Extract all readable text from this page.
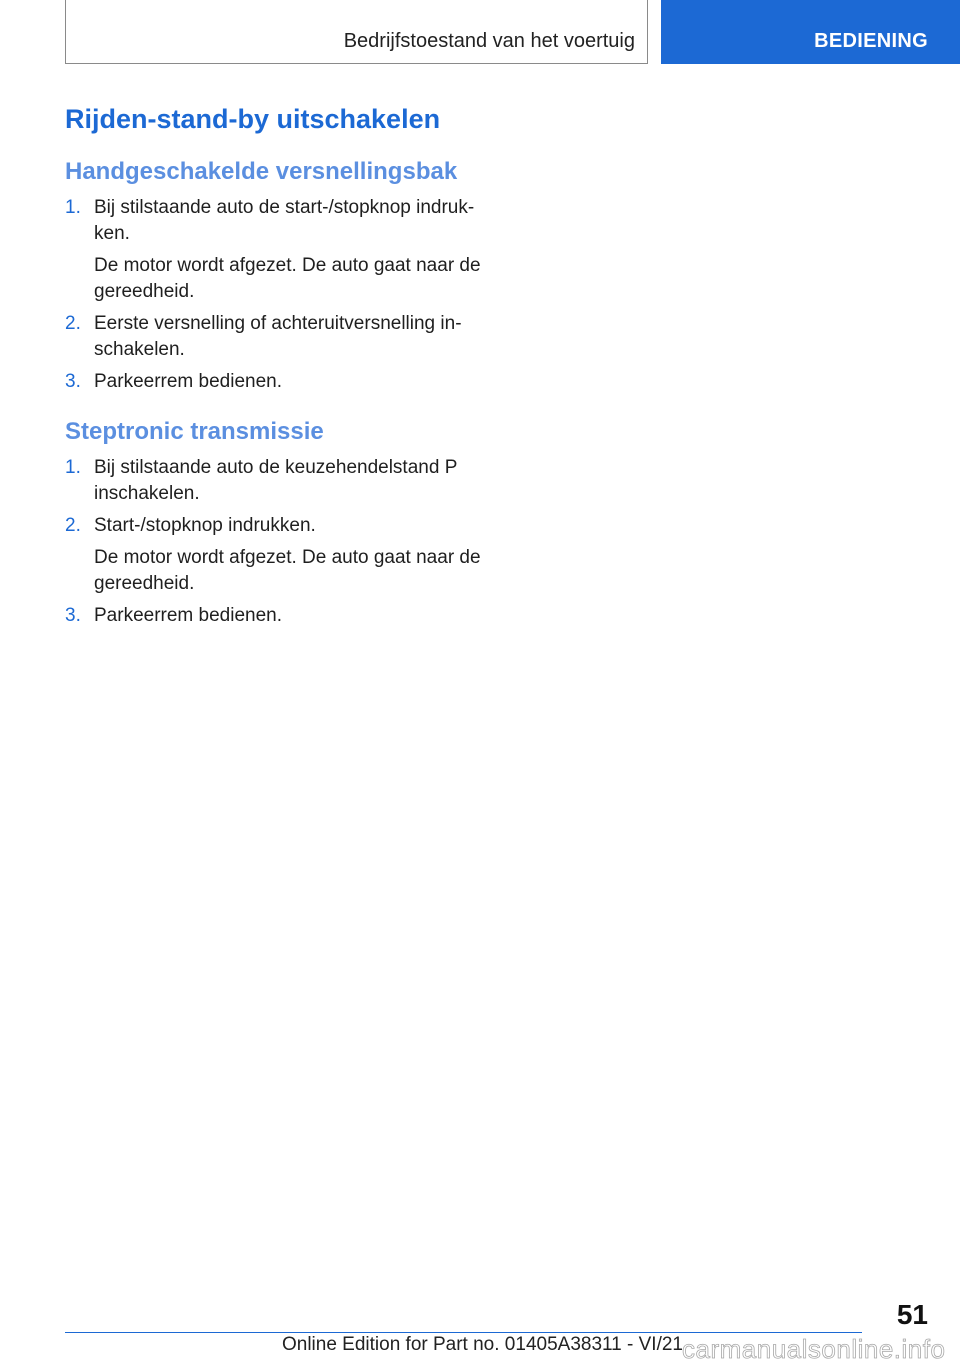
Bedrijfstoestand van het voertuig	BEDIENING
Rijden-stand-by uitschakelen
Handgeschakelde versnellingsbak
1. Bij stilstaande auto de start-/stopknop indrukken.
De motor wordt afgezet. De auto gaat naar de gereedheid.
2. Eerste versnelling of achteruitversnelling inschakelen.
3. Parkeerrem bedienen.
Steptronic transmissie
1. Bij stilstaande auto de keuzehendelstand P inschakelen.
2. Start-/stopknop indrukken.
De motor wordt afgezet. De auto gaat naar de gereedheid.
3. Parkeerrem bedienen.
51
Online Edition for Part no. 01405A38311 - VI/21 carmanualsonline.info
